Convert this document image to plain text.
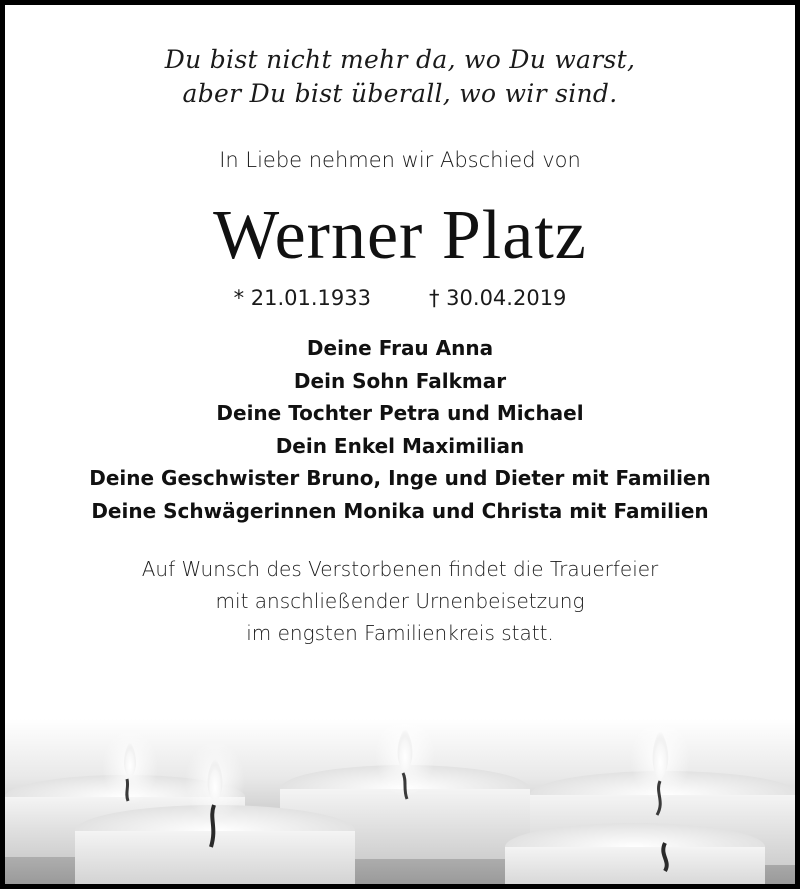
Du bist nicht mehr da, wo Du warst,
aber Du bist überall, wo wir sind.
In Liebe nehmen wir Abschied von
Werner Platz
* 21.01.1933	† 30.04.2019
Deine Frau Anna
Dein Sohn Falkmar
Deine Tochter Petra und Michael
Dein Enkel Maximilian
Deine Geschwister Bruno, Inge und Dieter mit Familien
Deine Schwägerinnen Monika und Christa mit Familien
Auf Wunsch des Verstorbenen findet die Trauerfeier
mit anschließender Urnenbeisetzung
im engsten Familienkreis statt.
